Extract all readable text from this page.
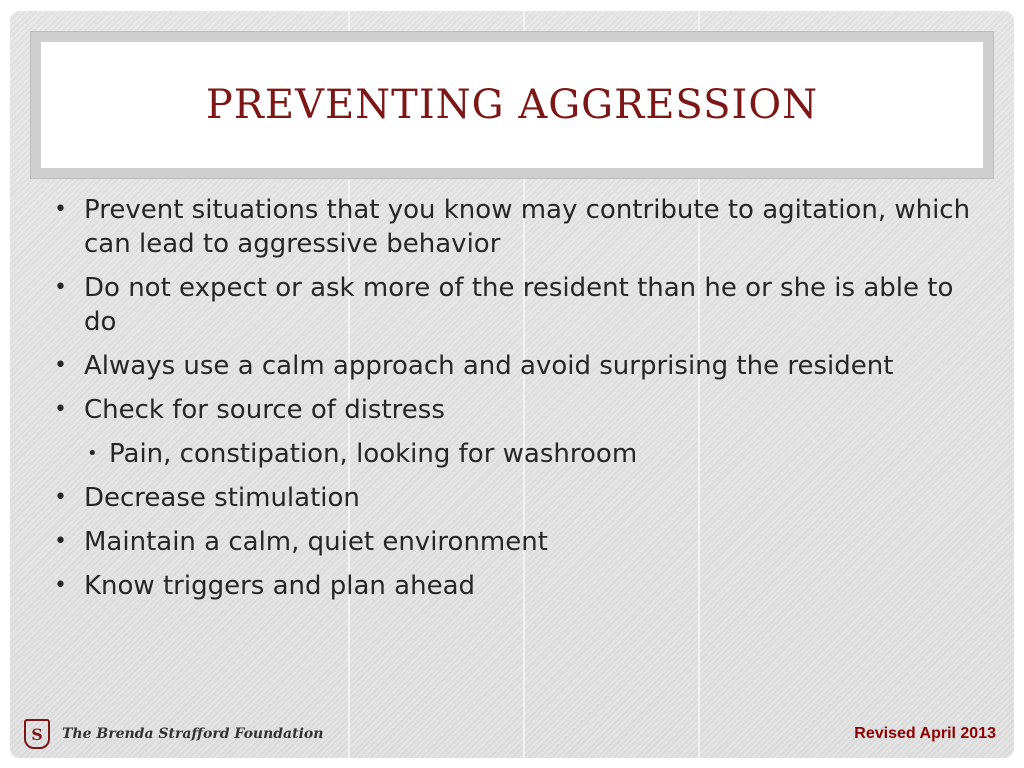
PREVENTING AGGRESSION
• Prevent situations that you know may contribute to agitation, which can lead to aggressive behavior
• Do not expect or ask more of the resident than he or she is able to do
• Always use a calm approach and avoid surprising the resident
• Check for source of distress
• Pain, constipation, looking for washroom
• Decrease stimulation
• Maintain a calm, quiet environment
• Know triggers and plan ahead
S The Brenda Strafford Foundation	Revised April 2013
